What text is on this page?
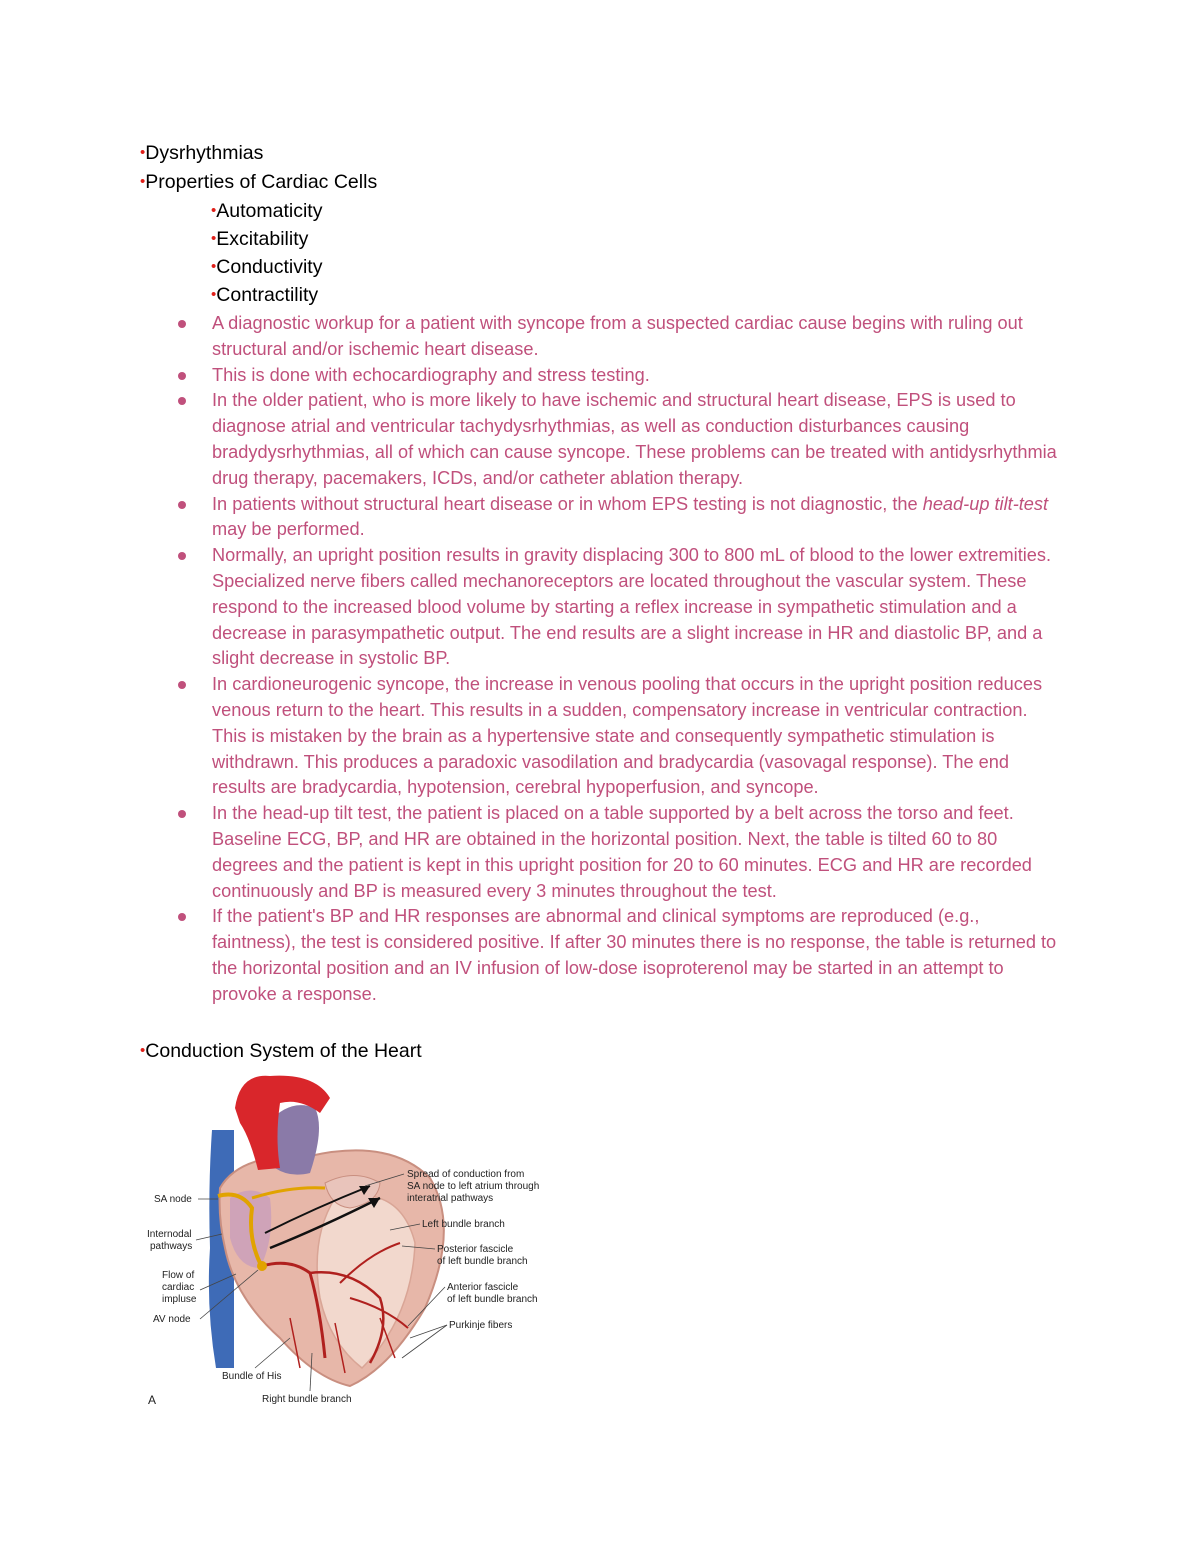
•Dysrhythmias
•Properties of Cardiac Cells
•Automaticity
•Excitability
•Conductivity
•Contractility
A diagnostic workup for a patient with syncope from a suspected cardiac cause begins with ruling out structural and/or ischemic heart disease.
This is done with echocardiography and stress testing.
In the older patient, who is more likely to have ischemic and structural heart disease, EPS is used to diagnose atrial and ventricular tachydysrhythmias, as well as conduction disturbances causing bradydysrhythmias, all of which can cause syncope. These problems can be treated with antidysrhythmia drug therapy, pacemakers, ICDs, and/or catheter ablation therapy.
In patients without structural heart disease or in whom EPS testing is not diagnostic, the head-up tilt-test may be performed.
Normally, an upright position results in gravity displacing 300 to 800 mL of blood to the lower extremities. Specialized nerve fibers called mechanoreceptors are located throughout the vascular system. These respond to the increased blood volume by starting a reflex increase in sympathetic stimulation and a decrease in parasympathetic output. The end results are a slight increase in HR and diastolic BP, and a slight decrease in systolic BP.
In cardioneurogenic syncope, the increase in venous pooling that occurs in the upright position reduces venous return to the heart. This results in a sudden, compensatory increase in ventricular contraction. This is mistaken by the brain as a hypertensive state and consequently sympathetic stimulation is withdrawn. This produces a paradoxic vasodilation and bradycardia (vasovagal response). The end results are bradycardia, hypotension, cerebral hypoperfusion, and syncope.
In the head-up tilt test, the patient is placed on a table supported by a belt across the torso and feet. Baseline ECG, BP, and HR are obtained in the horizontal position. Next, the table is tilted 60 to 80 degrees and the patient is kept in this upright position for 20 to 60 minutes. ECG and HR are recorded continuously and BP is measured every 3 minutes throughout the test.
If the patient's BP and HR responses are abnormal and clinical symptoms are reproduced (e.g., faintness), the test is considered positive. If after 30 minutes there is no response, the table is returned to the horizontal position and an IV infusion of low-dose isoproterenol may be started in an attempt to provoke a response.
•Conduction System of the Heart
SA node
Internodal
pathways
Flow of
cardiac
impluse
AV node
Spread of conduction from
SA node to left atrium through
interatrial pathways
Left bundle branch
Posterior fascicle
of left bundle branch
Anterior fascicle
of left bundle branch
Purkinje fibers
Bundle of His
Right bundle branch
A
